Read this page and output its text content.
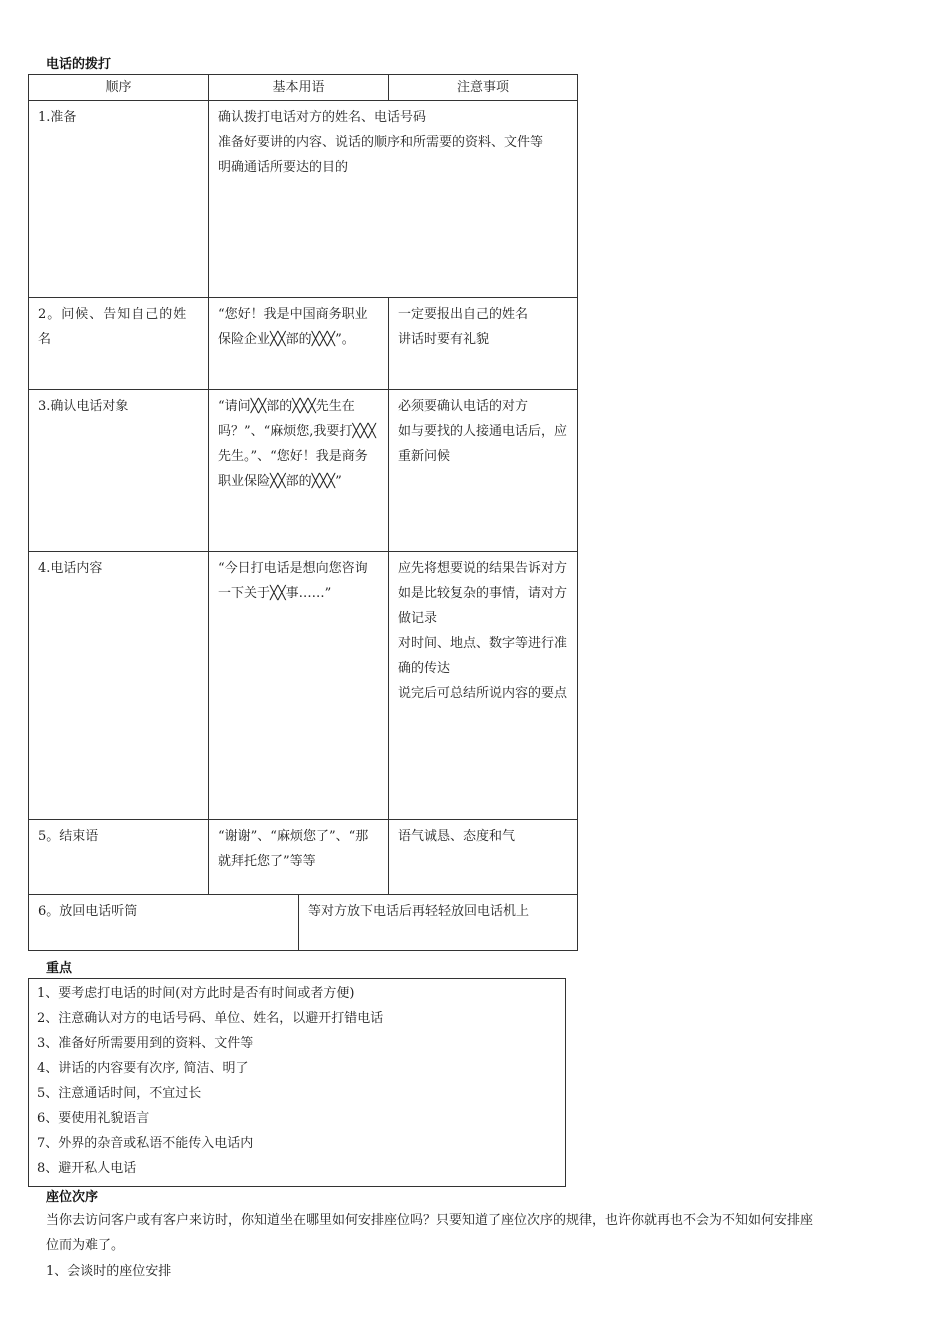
电话的拨打
顺序	基本用语		注意事项
1.准备	确认拨打电话对方的姓名、电话号码
准备好要讲的内容、说话的顺序和所需要的资料、文件等
明确通话所要达的目的		

2。问候、告知自己的姓名	“您好！我是中国商务职业保险企业╳╳部的╳╳╳”。		一定要报出自己的姓名
讲话时要有礼貌

3.确认电话对象	“请问╳╳部的╳╳╳先生在吗？”、“麻烦您,我要打╳╳╳先生。”、“您好！我是商务职业保险╳╳部的╳╳╳”		必须要确认电话的对方
如与要找的人接通电话后，应重新问候

4.电话内容	“今日打电话是想向您咨询一下关于╳╳事……”		应先将想要说的结果告诉对方
如是比较复杂的事情，请对方做记录
对时间、地点、数字等进行准确的传达
说完后可总结所说内容的要点

5。结束语	“谢谢”、“麻烦您了”、“那就拜托您了”等等		语气诚恳、态度和气

6。放回电话听筒		等对方放下电话后再轻轻放回电话机上	
重点
1、要考虑打电话的时间(对方此时是否有时间或者方便)
2、注意确认对方的电话号码、单位、姓名，以避开打错电话
3、准备好所需要用到的资料、文件等
4、讲话的内容要有次序, 简洁、明了
5、注意通话时间，不宜过长
6、要使用礼貌语言
7、外界的杂音或私语不能传入电话内
8、避开私人电话
座位次序
当你去访问客户或有客户来访时，你知道坐在哪里如何安排座位吗？只要知道了座位次序的规律，也许你就再也不会为不知如何安排座
位而为难了。
1、会谈时的座位安排
